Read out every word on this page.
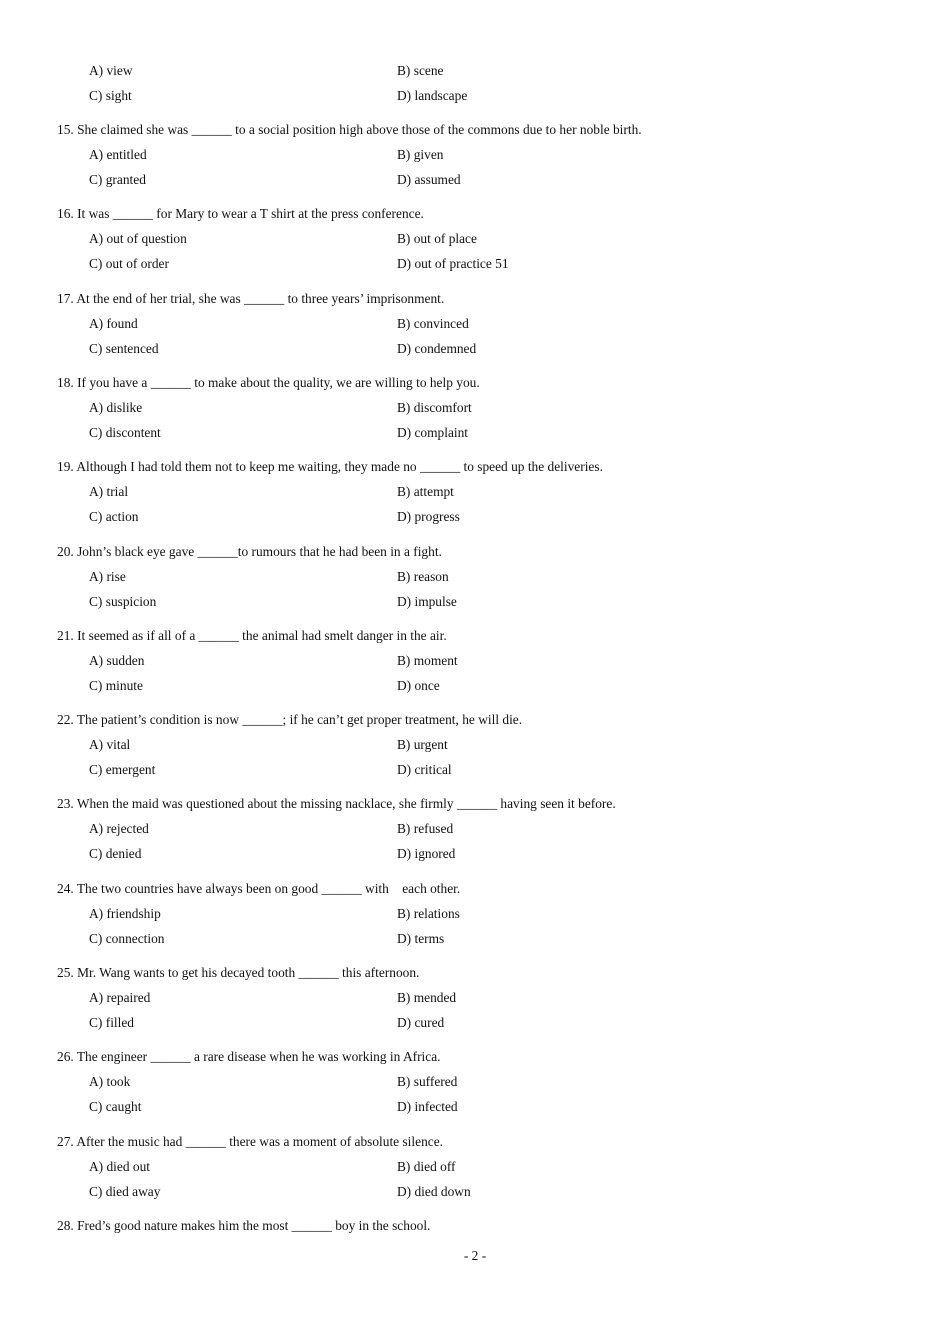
A) view	B) scene
C) sight	D) landscape
15. She claimed she was ______ to a social position high above those of the commons due to her noble birth.
A) entitled	B) given
C) granted	D) assumed
16. It was ______ for Mary to wear a T shirt at the press conference.
A) out of question	B) out of place
C) out of order	D) out of practice 51
17. At the end of her trial, she was ______ to three years’ imprisonment.
A) found	B) convinced
C) sentenced	D) condemned
18. If you have a ______ to make about the quality, we are willing to help you.
A) dislike	B) discomfort
C) discontent	D) complaint
19. Although I had told them not to keep me waiting, they made no ______ to speed up the deliveries.
A) trial	B) attempt
C) action	D) progress
20. John’s black eye gave ______to rumours that he had been in a fight.
A) rise	B) reason
C) suspicion	D) impulse
21. It seemed as if all of a ______ the animal had smelt danger in the air.
A) sudden	B) moment
C) minute	D) once
22. The patient’s condition is now ______; if he can’t get proper treatment, he will die.
A) vital	B) urgent
C) emergent	D) critical
23. When the maid was questioned about the missing nacklace, she firmly ______ having seen it before.
A) rejected	B) refused
C) denied	D) ignored
24. The two countries have always been on good ______ with    each other.
A) friendship	B) relations
C) connection	D) terms
25. Mr. Wang wants to get his decayed tooth ______ this afternoon.
A) repaired	B) mended
C) filled	D) cured
26. The engineer ______ a rare disease when he was working in Africa.
A) took	B) suffered
C) caught	D) infected
27. After the music had ______ there was a moment of absolute silence.
A) died out	B) died off
C) died away	D) died down
28. Fred’s good nature makes him the most ______ boy in the school.
- 2 -
